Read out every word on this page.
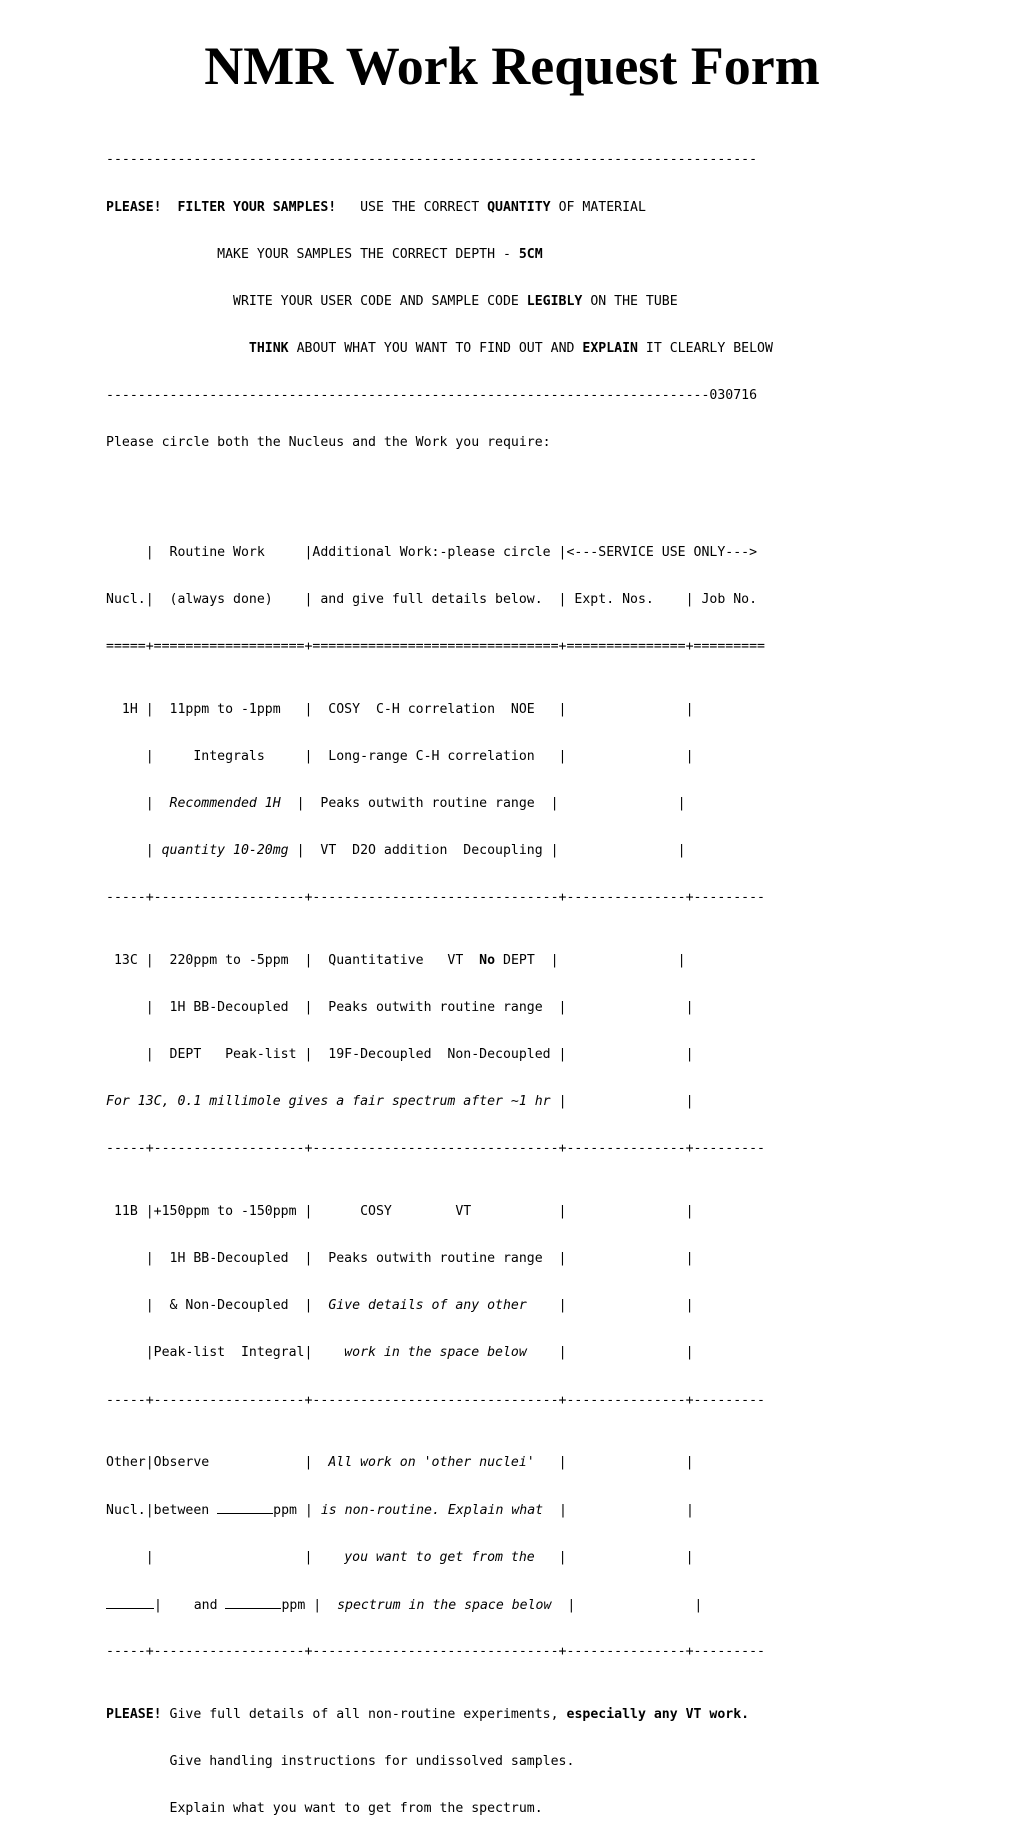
NMR Work Request Form

----------------------------------------------------------------------------------

PLEASE!  FILTER YOUR SAMPLES!   USE THE CORRECT QUANTITY OF MATERIAL

MAKE YOUR SAMPLES THE CORRECT DEPTH - 5CM

WRITE YOUR USER CODE AND SAMPLE CODE LEGIBLY ON THE TUBE

THINK ABOUT WHAT YOU WANT TO FIND OUT AND EXPLAIN IT CLEARLY BELOW

----------------------------------------------------------------------------030716

Please circle both the Nucleus and the Work you require:

|  Routine Work     |Additional Work:-please circle |<---SERVICE USE ONLY--->

Nucl.|  (always done)    | and give full details below.  | Expt. Nos.    | Job No.

=====+===================+===============================+===============+=========

1H |  11ppm to -1ppm   |  COSY  C-H correlation  NOE   |               |

|     Integrals     |  Long-range C-H correlation   |               |

|  Recommended 1H  |  Peaks outwith routine range  |               |

| quantity 10-20mg |  VT  D2O addition  Decoupling |               |

-----+-------------------+-------------------------------+---------------+---------

13C |  220ppm to -5ppm  |  Quantitative   VT  No DEPT  |               |

|  1H BB-Decoupled  |  Peaks outwith routine range  |               |

|  DEPT   Peak-list |  19F-Decoupled  Non-Decoupled |               |

For 13C, 0.1 millimole gives a fair spectrum after ~1 hr |               |

-----+-------------------+-------------------------------+---------------+---------

11B |+150ppm to -150ppm |      COSY        VT           |               |

|  1H BB-Decoupled  |  Peaks outwith routine range  |               |

|  & Non-Decoupled  |  Give details of any other    |               |

|Peak-list  Integral|    work in the space below    |               |

-----+-------------------+-------------------------------+---------------+---------

Other|Observe            |  All work on 'other nuclei'   |               |

Nucl.|between	ppm | is non-routine. Explain what  |               |

|                   |    you want to get from the   |               |

|    and	ppm |  spectrum in the space below  |               |

-----+-------------------+-------------------------------+---------------+---------

PLEASE! Give full details of all non-routine experiments, especially any VT work.

Give handling instructions for undissolved samples.

Explain what you want to get from the spectrum.
